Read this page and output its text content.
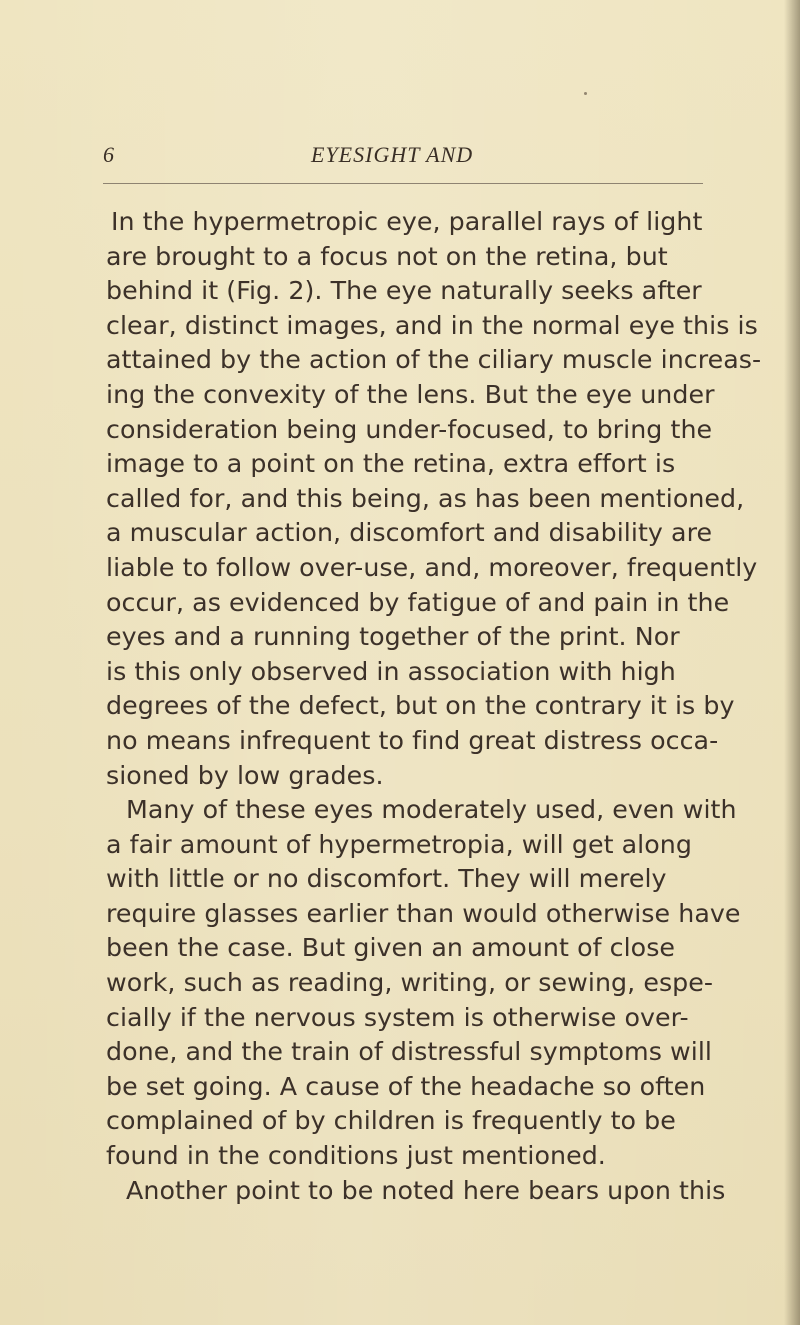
6	EYESIGHT AND
In the hypermetropic eye, parallel rays of light
are brought to a focus not on the retina, but
behind it (Fig. 2). The eye naturally seeks after
clear, distinct images, and in the normal eye this is
attained by the action of the ciliary muscle increas-
ing the convexity of the lens. But the eye under
consideration being under-focused, to bring the
image to a point on the retina, extra effort is
called for, and this being, as has been mentioned,
a muscular action, discomfort and disability are
liable to follow over-use, and, moreover, frequently
occur, as evidenced by fatigue of and pain in the
eyes and a running together of the print. Nor
is this only observed in association with high
degrees of the defect, but on the contrary it is by
no means infrequent to find great distress occa-
sioned by low grades.
Many of these eyes moderately used, even with
a fair amount of hypermetropia, will get along
with little or no discomfort. They will merely
require glasses earlier than would otherwise have
been the case. But given an amount of close
work, such as reading, writing, or sewing, espe-
cially if the nervous system is otherwise over-
done, and the train of distressful symptoms will
be set going. A cause of the headache so often
complained of by children is frequently to be
found in the conditions just mentioned.
Another point to be noted here bears upon this
